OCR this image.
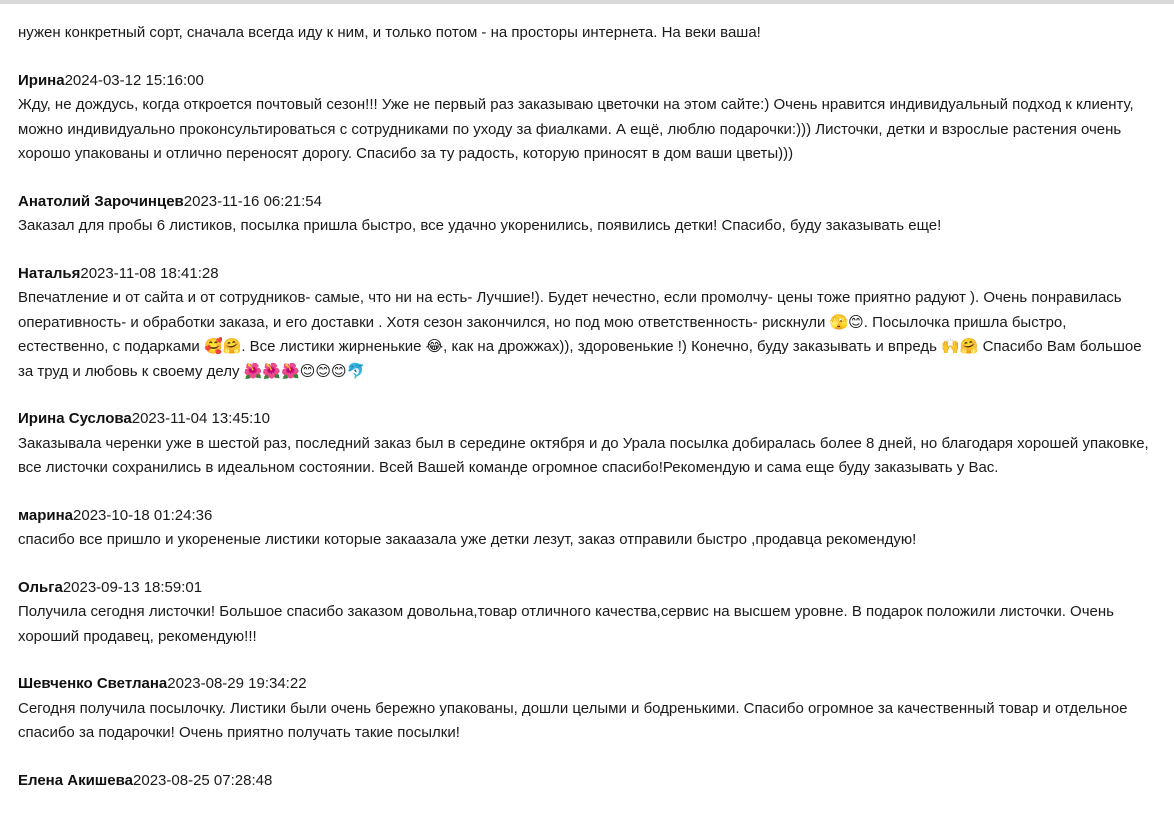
нужен конкретный сорт, сначала всегда иду к ним, и только потом - на просторы интернета. На веки ваша!

Ирина2024-03-12 15:16:00

Жду, не дождусь, когда откроется почтовый сезон!!! Уже не первый раз заказываю цветочки на этом сайте:) Очень нравится индивидуальный подход к клиенту, можно индивидуально проконсультироваться с сотрудниками по уходу за фиалками. А ещё, люблю подарочки:))) Листочки, детки и взрослые растения очень хорошо упакованы и отлично переносят дорогу. Спасибо за ту радость, которую приносят в дом ваши цветы)))

Анатолий Зарочинцев2023-11-16 06:21:54

Заказал для пробы 6 листиков, посылка пришла быстро, все удачно укоренились, появились детки! Спасибо, буду заказывать еще!

Наталья2023-11-08 18:41:28

Впечатление и от сайта и от сотрудников- самые, что ни на есть- Лучшие!). Будет нечестно, если промолчу- цены тоже приятно радуют ). Очень понравилась оперативность- и обработки заказа, и его доставки . Хотя сезон закончился, но под мою ответственность- рискнули 🫣😊. Посылочка пришла быстро, естественно, с подарками 🥰🤗. Все листики жирненькие 😂, как на дрожжах)), здоровенькие !) Конечно, буду заказывать и впредь 🙌🤗 Спасибо Вам большое за труд и любовь к своему делу 🌺🌺🌺😊😊😊🐬

Ирина Суслова2023-11-04 13:45:10

Заказывала черенки уже в шестой раз, последний заказ был в середине октября и до Урала посылка добиралась более 8 дней, но благодаря хорошей упаковке, все листочки сохранились в идеальном состоянии. Всей Вашей команде огромное спасибо!Рекомендую и сама еще буду заказывать у Вас.

марина2023-10-18 01:24:36

спасибо все пришло и укорененые листики которые закаазала уже детки лезут, заказ отправили быстро ,продавца рекомендую!

Ольга2023-09-13 18:59:01

Получила сегодня листочки! Большое спасибо заказом довольна,товар отличного качества,сервис на высшем уровне. В подарок положили листочки. Очень хороший продавец, рекомендую!!!

Шевченко Светлана2023-08-29 19:34:22

Сегодня получила посылочку. Листики были очень бережно упакованы, дошли целыми и бодренькими. Спасибо огромное за качественный товар и отдельное спасибо за подарочки! Очень приятно получать такие посылки!

Елена Акишева2023-08-25 07:28:48
